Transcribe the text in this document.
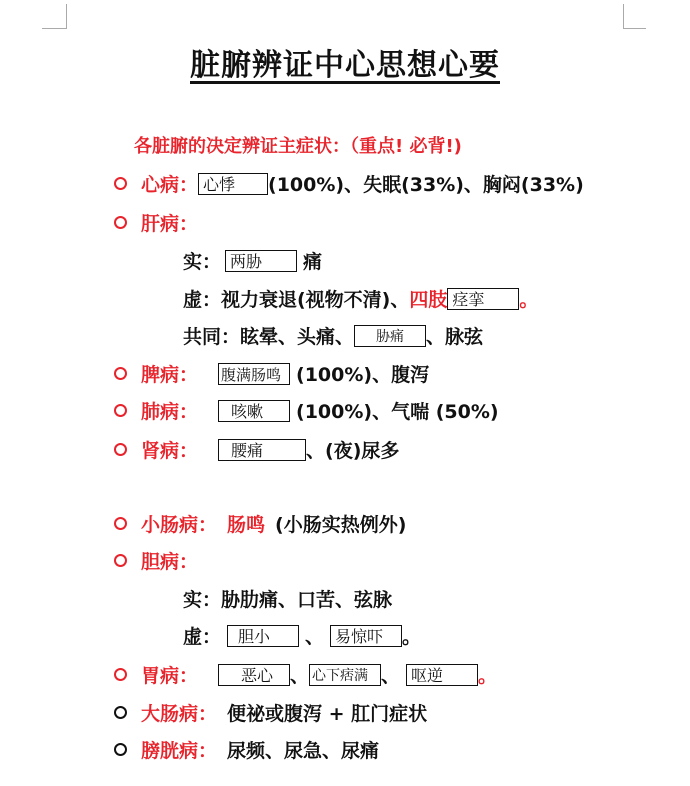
脏腑辨证中心思想心要
各脏腑的决定辨证主症状：（重点! 必背!)
心病： 心悸 (100%)、失眠(33%)、胸闷(33%)
肝病：
实： 两胁 痛
虚：视力衰退(视物不清)、四肢 痉挛 。
共同：眩晕、头痛、 胁痛 、脉弦
脾病： 腹满肠鸣 (100%)、腹泻
肺病： 咳嗽 (100%)、气喘 (50%)
肾病： 腰痛 、(夜)尿多
小肠病： 肠鸣 (小肠实热例外)
胆病：
实：胁肋痛、口苦、弦脉
虚： 胆小 、 易惊吓 。
胃病：	恶心 、 心下痞满 、 呕逆 。
大肠病： 便祕或腹泻 + 肛门症状
膀胱病： 尿频、尿急、尿痛
